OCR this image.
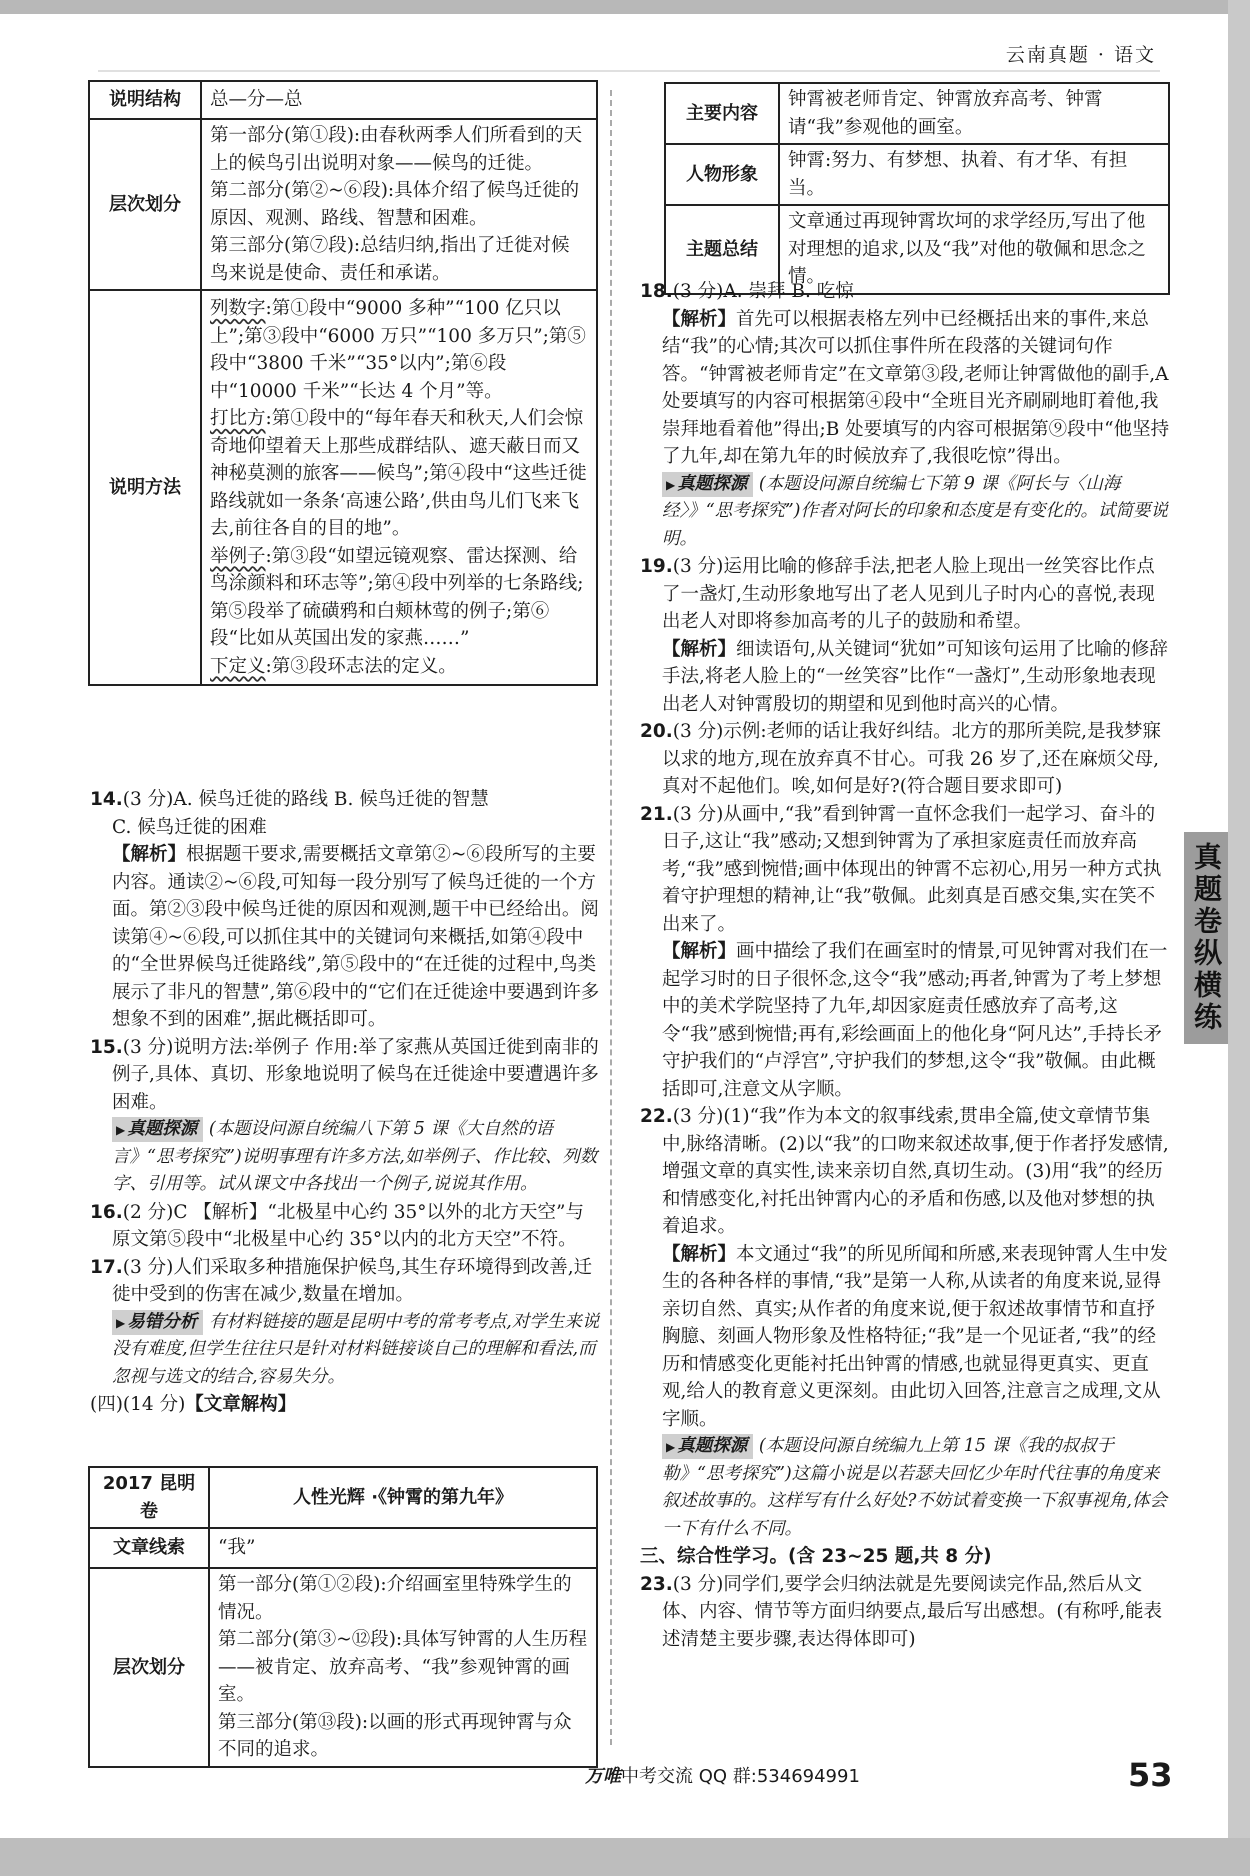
云南真题 · 语文
真题卷纵横练
说明结构	总—分—总
层次划分	第一部分(第①段):由春秋两季人们所看到的天上的候鸟引出说明对象——候鸟的迁徙。

第二部分(第②~⑥段):具体介绍了候鸟迁徙的原因、观测、路线、智慧和困难。

第三部分(第⑦段):总结归纳,指出了迁徙对候鸟来说是使命、责任和承诺。

说明方法	列数字:第①段中“9000 多种”“100 亿只以上”;第③段中“6000 万只”“100 多万只”;第⑤段中“3800 千米”“35°以内”;第⑥段中“10000 千米”“长达 4 个月”等。

打比方:第①段中的“每年春天和秋天,人们会惊奇地仰望着天上那些成群结队、遮天蔽日而又神秘莫测的旅客——候鸟”;第④段中“这些迁徙路线就如一条条‘高速公路’,供由鸟儿们飞来飞去,前往各自的目的地”。

举例子:第③段“如望远镜观察、雷达探测、给鸟涂颜料和环志等”;第④段中列举的七条路线;第⑤段举了硫磺鸦和白颊林莺的例子;第⑥段“比如从英国出发的家燕……”

下定义:第③段环志法的定义。

14.(3 分)A. 候鸟迁徙的路线 B. 候鸟迁徙的智慧

C. 候鸟迁徙的困难

【解析】根据题干要求,需要概括文章第②~⑥段所写的主要内容。通读②~⑥段,可知每一段分别写了候鸟迁徙的一个方面。第②③段中候鸟迁徙的原因和观测,题干中已经给出。阅读第④~⑥段,可以抓住其中的关键词句来概括,如第④段中的“全世界候鸟迁徙路线”,第⑤段中的“在迁徙的过程中,鸟类展示了非凡的智慧”,第⑥段中的“它们在迁徙途中要遇到许多想象不到的困难”,据此概括即可。

15.(3 分)说明方法:举例子 作用:举了家燕从英国迁徙到南非的例子,具体、真切、形象地说明了候鸟在迁徙途中要遭遇许多困难。

▶ 真题探源 (本题设问源自统编八下第 5 课《大自然的语言》“思考探究”)说明事理有许多方法,如举例子、作比较、列数字、引用等。试从课文中各找出一个例子,说说其作用。

16.(2 分)C 【解析】“北极星中心约 35°以外的北方天空”与原文第⑤段中“北极星中心约 35°以内的北方天空”不符。

17.(3 分)人们采取多种措施保护候鸟,其生存环境得到改善,迁徙中受到的伤害在减少,数量在增加。

▶ 易错分析 有材料链接的题是昆明中考的常考考点,对学生来说没有难度,但学生往往只是针对材料链接谈自己的理解和看法,而忽视与选文的结合,容易失分。

(四)(14 分)【文章解构】

2017 昆明卷	人性光辉 ·《钟霄的第九年》
文章线索	“我”
层次划分	第一部分(第①②段):介绍画室里特殊学生的情况。

第二部分(第③~⑫段):具体写钟霄的人生历程——被肯定、放弃高考、“我”参观钟霄的画室。

第三部分(第⑬段):以画的形式再现钟霄与众不同的追求。

主要内容	钟霄被老师肯定、钟霄放弃高考、钟霄请“我”参观他的画室。
人物形象	钟霄:努力、有梦想、执着、有才华、有担当。
主题总结	文章通过再现钟霄坎坷的求学经历,写出了他对理想的追求,以及“我”对他的敬佩和思念之情。

18.(3 分)A. 崇拜 B. 吃惊

【解析】首先可以根据表格左列中已经概括出来的事件,来总结“我”的心情;其次可以抓住事件所在段落的关键词句作答。“钟霄被老师肯定”在文章第③段,老师让钟霄做他的副手,A 处要填写的内容可根据第④段中“全班目光齐刷刷地盯着他,我崇拜地看着他”得出;B 处要填写的内容可根据第⑨段中“他坚持了九年,却在第九年的时候放弃了,我很吃惊”得出。

▶ 真题探源 (本题设问源自统编七下第 9 课《阿长与〈山海经〉》“思考探究”)作者对阿长的印象和态度是有变化的。试简要说明。

19.(3 分)运用比喻的修辞手法,把老人脸上现出一丝笑容比作点了一盏灯,生动形象地写出了老人见到儿子时内心的喜悦,表现出老人对即将参加高考的儿子的鼓励和希望。

【解析】细读语句,从关键词“犹如”可知该句运用了比喻的修辞手法,将老人脸上的“一丝笑容”比作“一盏灯”,生动形象地表现出老人对钟霄殷切的期望和见到他时高兴的心情。

20.(3 分)示例:老师的话让我好纠结。北方的那所美院,是我梦寐以求的地方,现在放弃真不甘心。可我 26 岁了,还在麻烦父母,真对不起他们。唉,如何是好?(符合题目要求即可)

21.(3 分)从画中,“我”看到钟霄一直怀念我们一起学习、奋斗的日子,这让“我”感动;又想到钟霄为了承担家庭责任而放弃高考,“我”感到惋惜;画中体现出的钟霄不忘初心,用另一种方式执着守护理想的精神,让“我”敬佩。此刻真是百感交集,实在笑不出来了。

【解析】画中描绘了我们在画室时的情景,可见钟霄对我们在一起学习时的日子很怀念,这令“我”感动;再者,钟霄为了考上梦想中的美术学院坚持了九年,却因家庭责任感放弃了高考,这令“我”感到惋惜;再有,彩绘画面上的他化身“阿凡达”,手持长矛守护我们的“卢浮宫”,守护我们的梦想,这令“我”敬佩。由此概括即可,注意文从字顺。

22.(3 分)(1)“我”作为本文的叙事线索,贯串全篇,使文章情节集中,脉络清晰。(2)以“我”的口吻来叙述故事,便于作者抒发感情,增强文章的真实性,读来亲切自然,真切生动。(3)用“我”的经历和情感变化,衬托出钟霄内心的矛盾和伤感,以及他对梦想的执着追求。

【解析】本文通过“我”的所见所闻和所感,来表现钟霄人生中发生的各种各样的事情,“我”是第一人称,从读者的角度来说,显得亲切自然、真实;从作者的角度来说,便于叙述故事情节和直抒胸臆、刻画人物形象及性格特征;“我”是一个见证者,“我”的经历和情感变化更能衬托出钟霄的情感,也就显得更真实、更直观,给人的教育意义更深刻。由此切入回答,注意言之成理,文从字顺。

▶ 真题探源 (本题设问源自统编九上第 15 课《我的叔叔于勒》“思考探究”)这篇小说是以若瑟夫回忆少年时代往事的角度来叙述故事的。这样写有什么好处?不妨试着变换一下叙事视角,体会一下有什么不同。

三、综合性学习。(含 23~25 题,共 8 分)

23.(3 分)同学们,要学会归纳法就是先要阅读完作品,然后从文体、内容、情节等方面归纳要点,最后写出感想。(有称呼,能表述清楚主要步骤,表达得体即可)

万唯中考交流 QQ 群:534694991	53
